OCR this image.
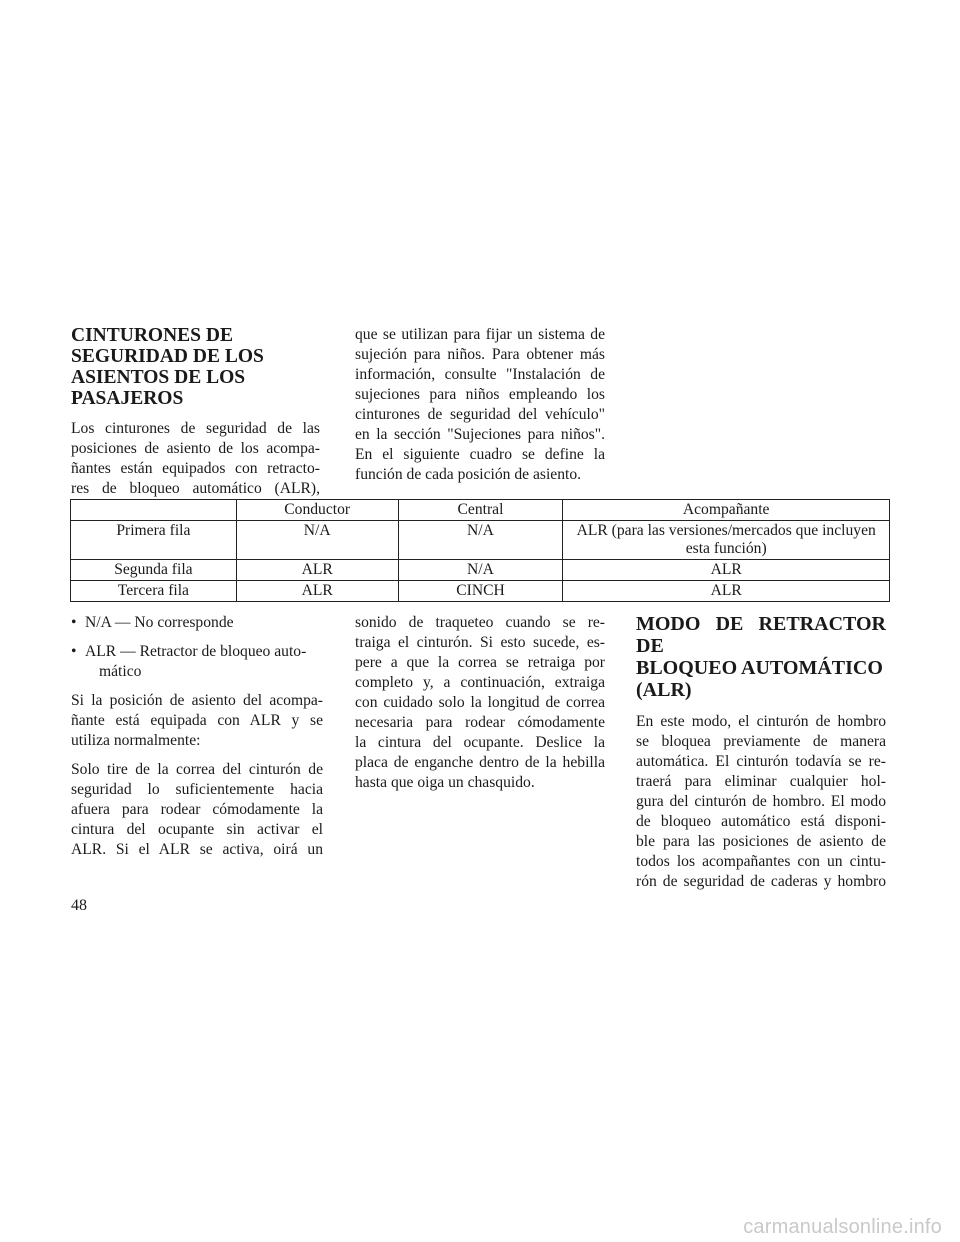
CINTURONES DE
SEGURIDAD DE LOS
ASIENTOS DE LOS
PASAJEROS

Los cinturones de seguridad de las
posiciones de asiento de los acompa-
ñantes están equipados con retracto-
res de bloqueo automático (ALR),

que se utilizan para fijar un sistema de
sujeción para niños. Para obtener más
información, consulte "Instalación de
sujeciones para niños empleando los
cinturones de seguridad del vehículo"
en la sección "Sujeciones para niños".
En el siguiente cuadro se define la
función de cada posición de asiento.

	Conductor	Central	Acompañante
Primera fila	N/A	N/A	ALR (para las versiones/mercados que incluyen esta función)
Segunda fila	ALR	N/A	ALR
Tercera fila	ALR	CINCH	ALR
• N/A — No corresponde
• ALR — Retractor de bloqueo auto-
mático

Si la posición de asiento del acompa-
ñante está equipada con ALR y se
utiliza normalmente:

Solo tire de la correa del cinturón de
seguridad lo suficientemente hacia
afuera para rodear cómodamente la
cintura del ocupante sin activar el
ALR. Si el ALR se activa, oirá un

sonido de traqueteo cuando se re-
traiga el cinturón. Si esto sucede, es-
pere a que la correa se retraiga por
completo y, a continuación, extraiga
con cuidado solo la longitud de correa
necesaria para rodear cómodamente
la cintura del ocupante. Deslice la
placa de enganche dentro de la hebilla
hasta que oiga un chasquido.

MODO DE RETRACTOR DE
BLOQUEO AUTOMÁTICO
(ALR)

En este modo, el cinturón de hombro
se bloquea previamente de manera
automática. El cinturón todavía se re-
traerá para eliminar cualquier hol-
gura del cinturón de hombro. El modo
de bloqueo automático está disponi-
ble para las posiciones de asiento de
todos los acompañantes con un cintu-
rón de seguridad de caderas y hombro

48
carmanualsonline.info
